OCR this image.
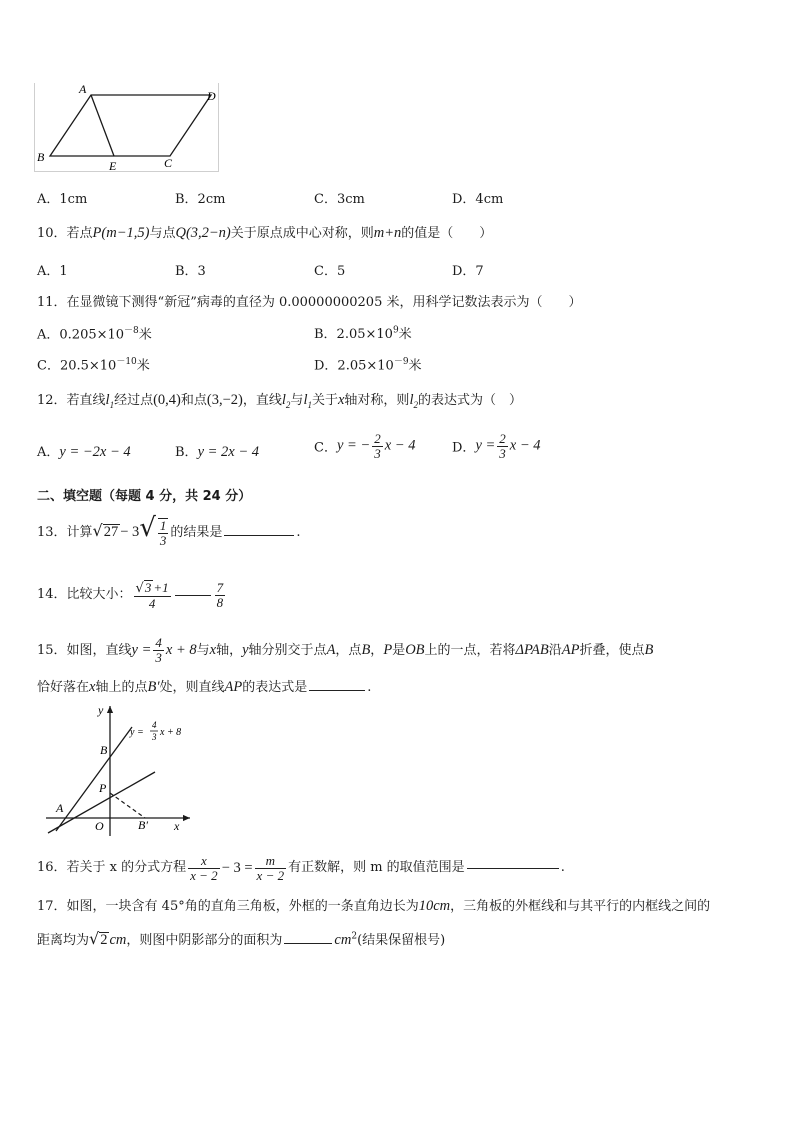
A	D
B
E	C
A．1cm	B．2cm	C．3cm	D．4cm
10．若点P(m−1,5)与点Q(3,2−n)关于原点成中心对称，则m+n的值是（　　）
A．1	B．3	C．5	D．7
11．在显微镜下测得“新冠”病毒的直径为 0.00000000205 米，用科学记数法表示为（　　）
A．$0.205\times 10^{-8}$米	B．$2.05\times 10^9$米
C．$20.5\times 10^{-10}$米	D．$2.05\times 10^{-9}$米
12．若直线$l_1$经过点(0,4)和点(3,−2)，直线$l_2$与$l_1$关于x轴对称，则$l_2$的表达式为（　）
A．y = −2x − 4	B．y = 2x − 4	C．y = − $\frac{2}{3}$ x − 4	D．$y = \frac{2}{3}$ x − 4
二、填空题（每题 4 分，共 24 分）
13．计算$√27 - 3√ \frac{1}{3}$ 的结果是	.
14．比较大小： $\frac{√3 +1}{4}$	$\frac{7}{8}$
15．如图，直线$y = \frac{4}{3}$ x + 8与x轴，y轴分别交于点A，点B，P是OB上的一点，若将ΔPAB沿AP折叠，使点B
恰好落在x轴上的点B′处，则直线AP的表达式是	.
y
x
B
P
A
O	B′
y =
4
3 x + 8
16．若关于 x 的分式方程 $\frac{x}{x - 2} - 3 = \frac{m}{x - 2}$ 有正数解，则 m 的取值范围是	.
17．如图，一块含有 45°角的直角三角板，外框的一条直角边长为10cm，三角板的外框线和与其平行的内框线之间的
距离均为√2 cm，则图中阴影部分的面积为	$cm^2$(结果保留根号)
